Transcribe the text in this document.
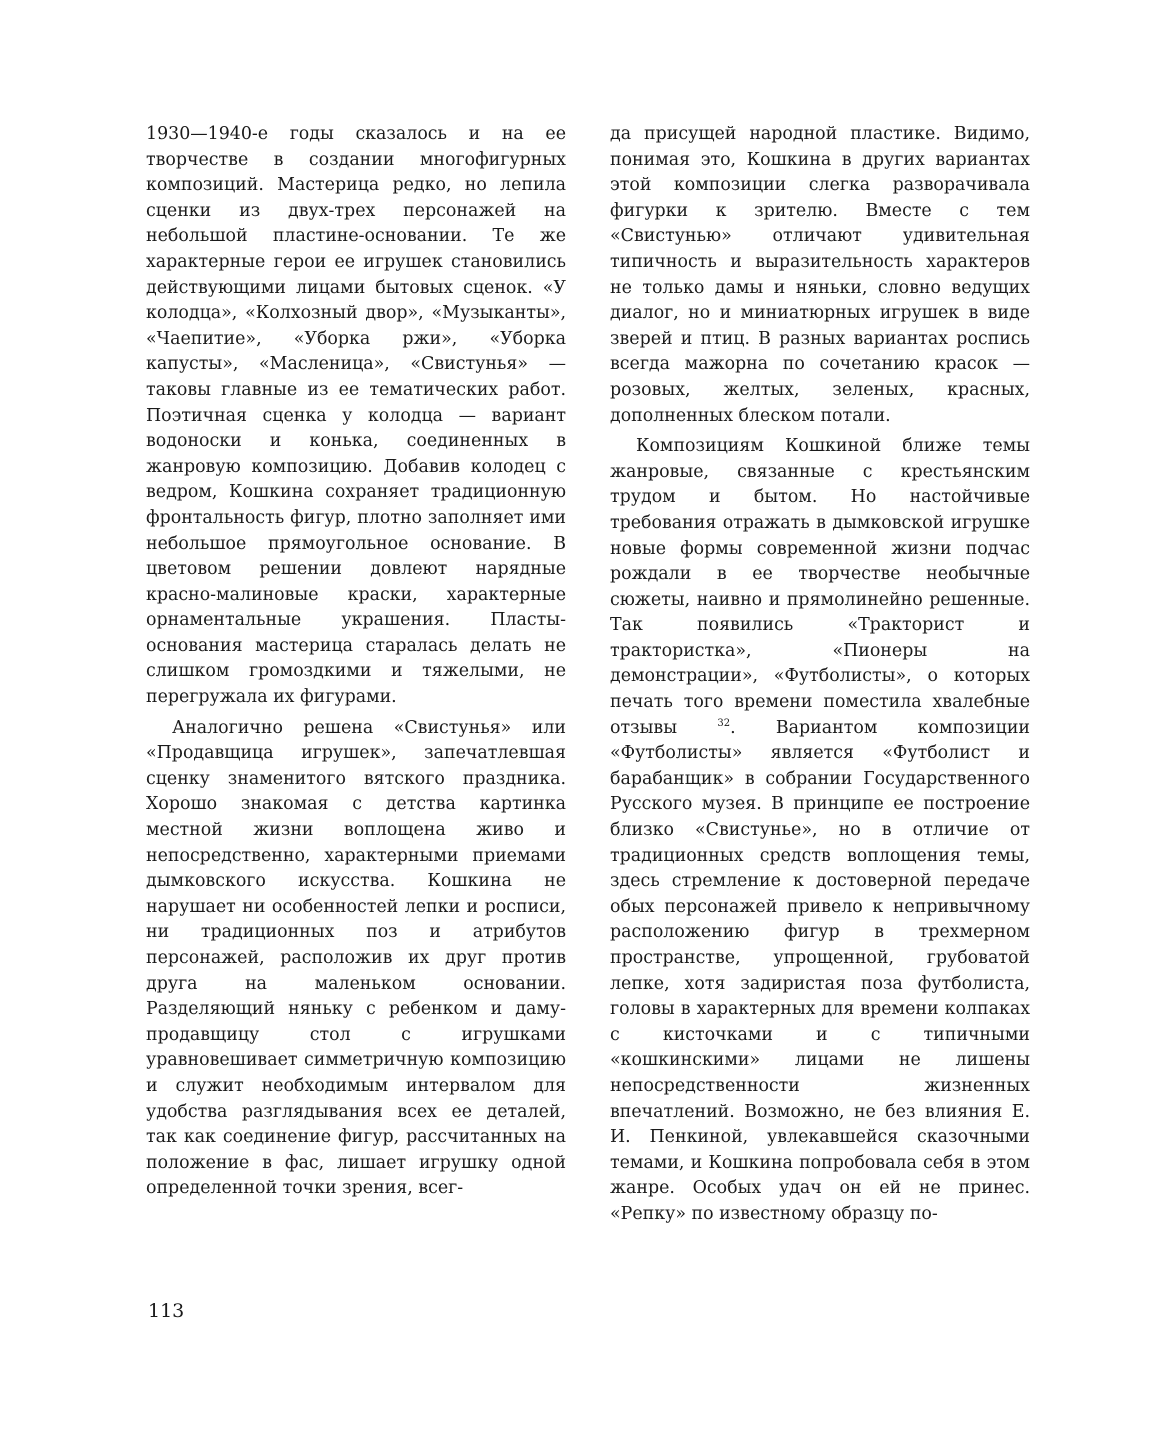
1930—1940-е годы сказалось и на ее творчестве в создании многофигурных композиций. Мастерица редко, но лепила сценки из двух-трех персонажей на небольшой пластине-основании. Те же характерные герои ее игрушек становились действующими лицами бытовых сценок. «У колодца», «Колхозный двор», «Музыканты», «Чаепитие», «Уборка ржи», «Уборка капусты», «Масленица», «Свистунья» — таковы главные из ее тематических работ. Поэтичная сценка у колодца — вариант водоноски и конька, соединенных в жанровую композицию. Добавив колодец с ведром, Кошкина сохраняет традиционную фронтальность фигур, плотно заполняет ими небольшое прямоугольное основание. В цветовом решении довлеют нарядные красно-малиновые краски, характерные орнаментальные украшения. Пласты-основания мастерица старалась делать не слишком громоздкими и тяжелыми, не перегружала их фигурами.

Аналогично решена «Свистунья» или «Продавщица игрушек», запечатлевшая сценку знаменитого вятского праздника. Хорошо знакомая с детства картинка местной жизни воплощена живо и непосредственно, характерными приемами дымковского искусства. Кошкина не нарушает ни особенностей лепки и росписи, ни традиционных поз и атрибутов персонажей, расположив их друг против друга на маленьком основании. Разделяющий няньку с ребенком и даму-продавщицу стол с игрушками уравновешивает симметричную композицию и служит необходимым интервалом для удобства разглядывания всех ее деталей, так как соединение фигур, рассчитанных на положение в фас, лишает игрушку одной определенной точки зрения, всег-

да присущей народной пластике. Видимо, понимая это, Кошкина в других вариантах этой композиции слегка разворачивала фигурки к зрителю. Вместе с тем «Свистунью» отличают удивительная типичность и выразительность характеров не только дамы и няньки, словно ведущих диалог, но и миниатюрных игрушек в виде зверей и птиц. В разных вариантах роспись всегда мажорна по сочетанию красок — розовых, желтых, зеленых, красных, дополненных блеском потали.

Композициям Кошкиной ближе темы жанровые, связанные с крестьянским трудом и бытом. Но настойчивые требования отражать в дымковской игрушке новые формы современной жизни подчас рождали в ее творчестве необычные сюжеты, наивно и прямолинейно решенные. Так появились «Тракторист и трактористка», «Пионеры на демонстрации», «Футболисты», о которых печать того времени поместила хвалебные отзывы	$^{32}$. Вариантом композиции «Футболисты» является «Футболист и барабанщик» в собрании Государственного Русского музея. В принципе ее построение близко «Свистунье», но в отличие от традиционных средств воплощения темы, здесь стремление к достоверной передаче обых персонажей привело к непривычному расположению фигур в трехмерном пространстве, упрощенной, грубоватой лепке, хотя задиристая поза футболиста, головы в характерных для времени колпаках с кисточками и с типичными «кошкинскими» лицами не лишены непосредственности жизненных впечатлений. Возможно, не без влияния Е. И. Пенкиной, увлекавшейся сказочными темами, и Кошкина попробовала себя в этом жанре. Особых удач он ей не принес. «Репку» по известному образцу по-

113
